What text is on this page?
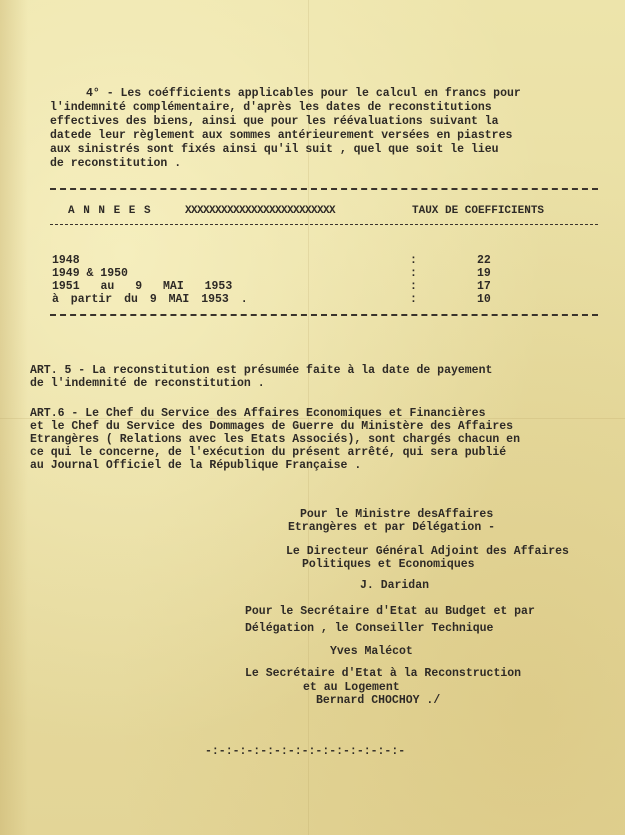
4° - Les coéfficients applicables pour le calcul en francs pour
l'indemnité complémentaire, d'après les dates de reconstitutions
effectives des biens, ainsi que pour les réévaluations suivant la
datede leur règlement aux sommes antérieurement versées en piastres
aux sinistrés sont fixés ainsi qu'il suit , quel que soit le lieu
de reconstitution .
A N N E E S	XXXXXXXXXXXXXXXXXXXXXXXXX	TAUX DE COEFFICIENTS
1948	:	22
1949 & 1950	:	19
1951 au 9 MAI 1953	:	17
à partir du 9 MAI 1953 .	:	10
ART. 5 - La reconstitution est présumée faite à la date de payement
de l'indemnité de reconstitution .
ART.6 - Le Chef du Service des Affaires Economiques et Financières
et le Chef du Service des Dommages de Guerre du Ministère des Affaires
Etrangères ( Relations avec les Etats Associés), sont chargés chacun en
ce qui le concerne, de l'exécution du présent arrêté, qui sera publié
au Journal Officiel de la République Française .
Pour le Ministre desAffaires
Etrangères et par Délégation -
Le Directeur Général Adjoint des Affaires
Politiques et Economiques
J. Daridan
Pour le Secrétaire d'Etat au Budget et par
Délégation , le Conseiller Technique
Yves Malécot
Le Secrétaire d'Etat à la Reconstruction
et au Logement
Bernard CHOCHOY ./
-:-:-:-:-:-:-:-:-:-:-:-:-:-:-
